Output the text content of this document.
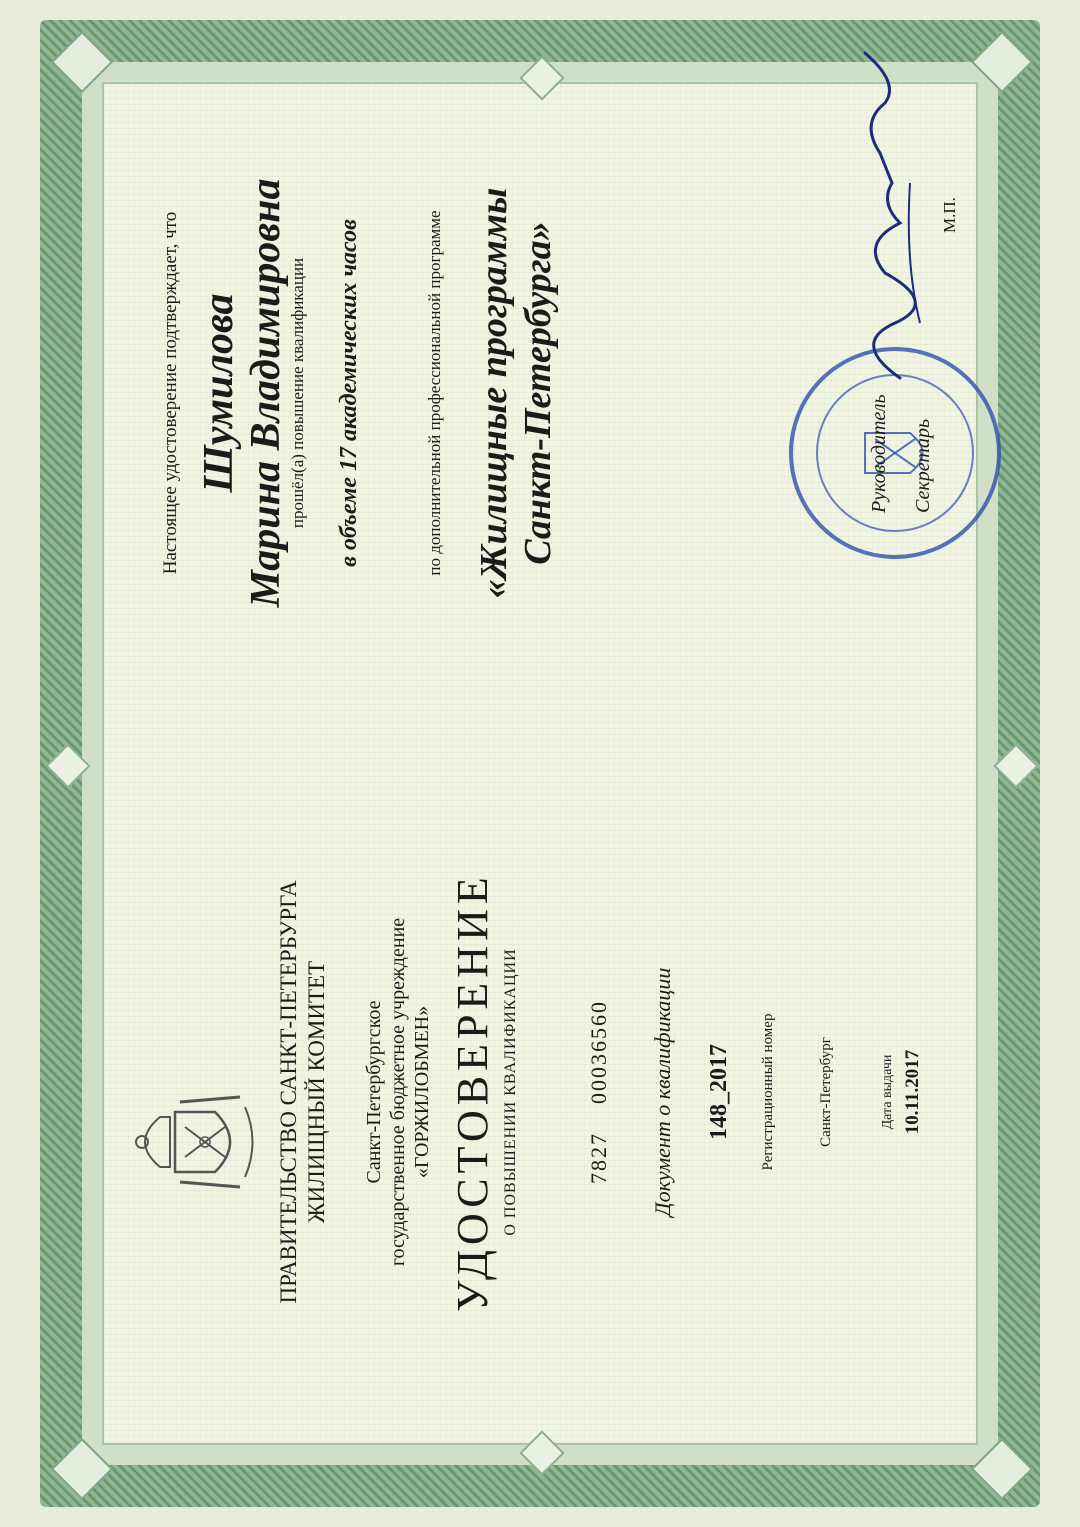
ПРАВИТЕЛЬСТВО САНКТ-ПЕТЕРБУРГА ЖИЛИЩНЫЙ КОМИТЕТ Санкт-Петербургское государственное бюджетное учреждение «ГОРЖИЛОБМЕН» УДОСТОВЕРЕНИЕ О ПОВЫШЕНИИ КВАЛИФИКАЦИИ	782700036560 Документ о квалификации 148_2017 Регистрационный номер	Санкт-Петербург	Дата выдачи 10.11.2017
Настоящее удостоверение подтверждает, что Шумилова Марина Владимировна прошёл(а) повышение квалификации в объеме 17 академических часов	по дополнительной профессиональной программе «Жилищные программы Санкт-Петербурга»	Руководитель Секретарь
М.П.
